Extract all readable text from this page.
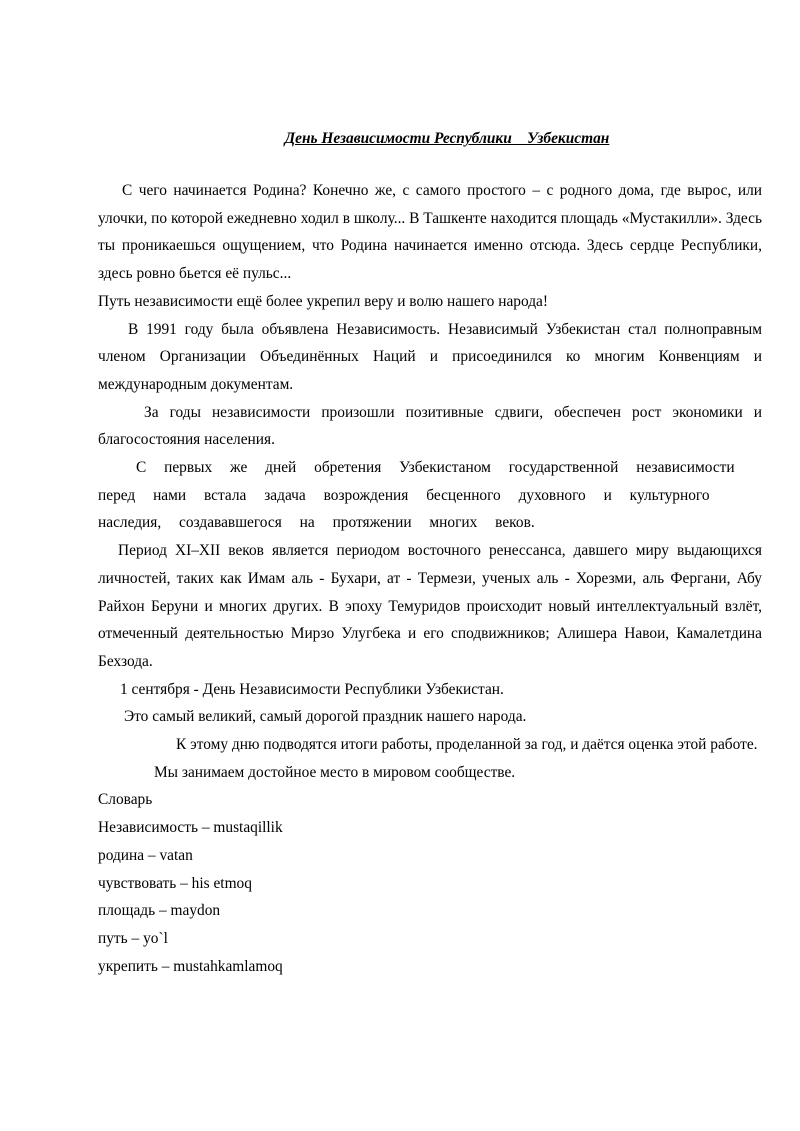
День Независимости Республики    Узбекистан

С чего начинается Родина? Конечно же, с самого простого – с родного дома, где вырос, или улочки, по которой ежедневно ходил в школу... В Ташкенте находится площадь «Мустакилли». Здесь ты проникаешься ощущением, что Родина начинается именно отсюда. Здесь сердце Республики, здесь ровно бьется её пульс...

Путь независимости ещё более укрепил веру и волю нашего народа!

В 1991 году была объявлена Независимость. Независимый Узбекистан стал полноправным членом Организации Объединённых Наций и присоединился ко многим Конвенциям и международным документам.

За годы независимости произошли позитивные сдвиги, обеспечен рост экономики и благосостояния населения.

С первых же дней обретения Узбекистаном государственной независимости перед нами встала задача возрождения бесценного духовного и культурного наследия, создававшегося на протяжении многих веков.

Период XI–XII веков является периодом восточного ренессанса, давшего миру выдающихся личностей, таких как Имам аль - Бухари, ат - Термези, ученых аль - Хорезми, аль Фергани, Абу Райхон Беруни и многих других. В эпоху Темуридов происходит новый интеллектуальный взлёт, отмеченный деятельностью Мирзо Улугбека и его сподвижников; Алишера Навои, Камалетдина Бехзода.

1 сентября - День Независимости Республики Узбекистан.

Это самый великий, самый дорогой праздник нашего народа.

К этому дню подводятся итоги работы, проделанной за год, и даётся оценка этой работе.

Мы занимаем достойное место в мировом сообществе.

Словарь

Независимость – mustaqillik

родина – vatan

чувствовать – his etmoq

площадь – maydon

путь – yo`l

укрепить – mustahkamlamoq
